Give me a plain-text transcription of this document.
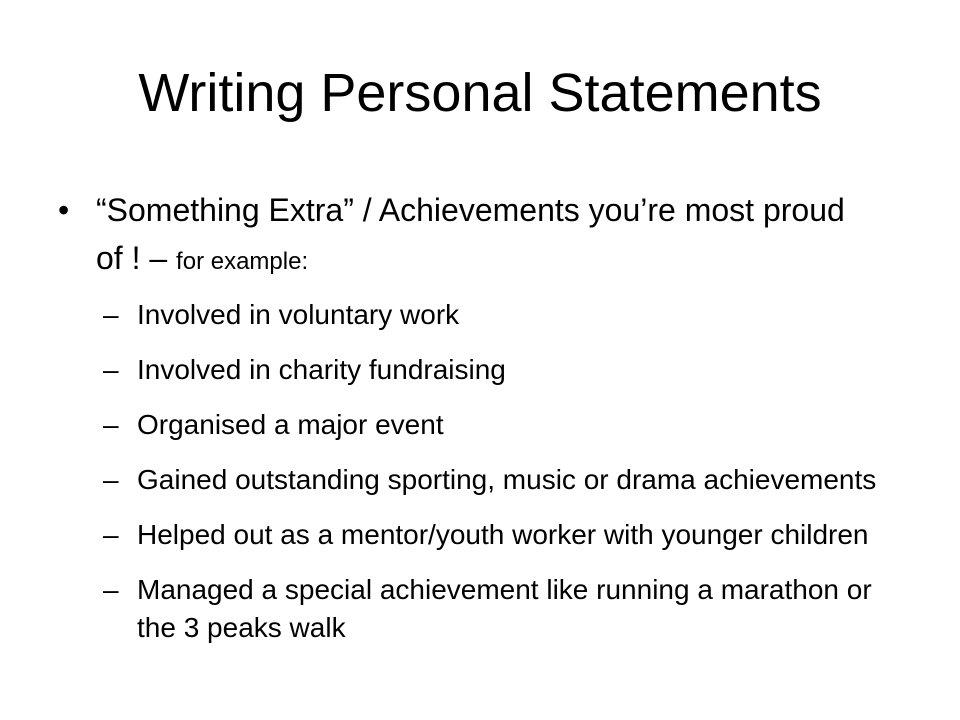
Writing Personal Statements
• “Something Extra” / Achievements you’re most proud of ! – for example:
– Involved in voluntary work
– Involved in charity fundraising
– Organised a major event
– Gained outstanding sporting, music or drama achievements
– Helped out as a mentor/youth worker with younger children
– Managed a special achievement like running a marathon or the 3 peaks walk
